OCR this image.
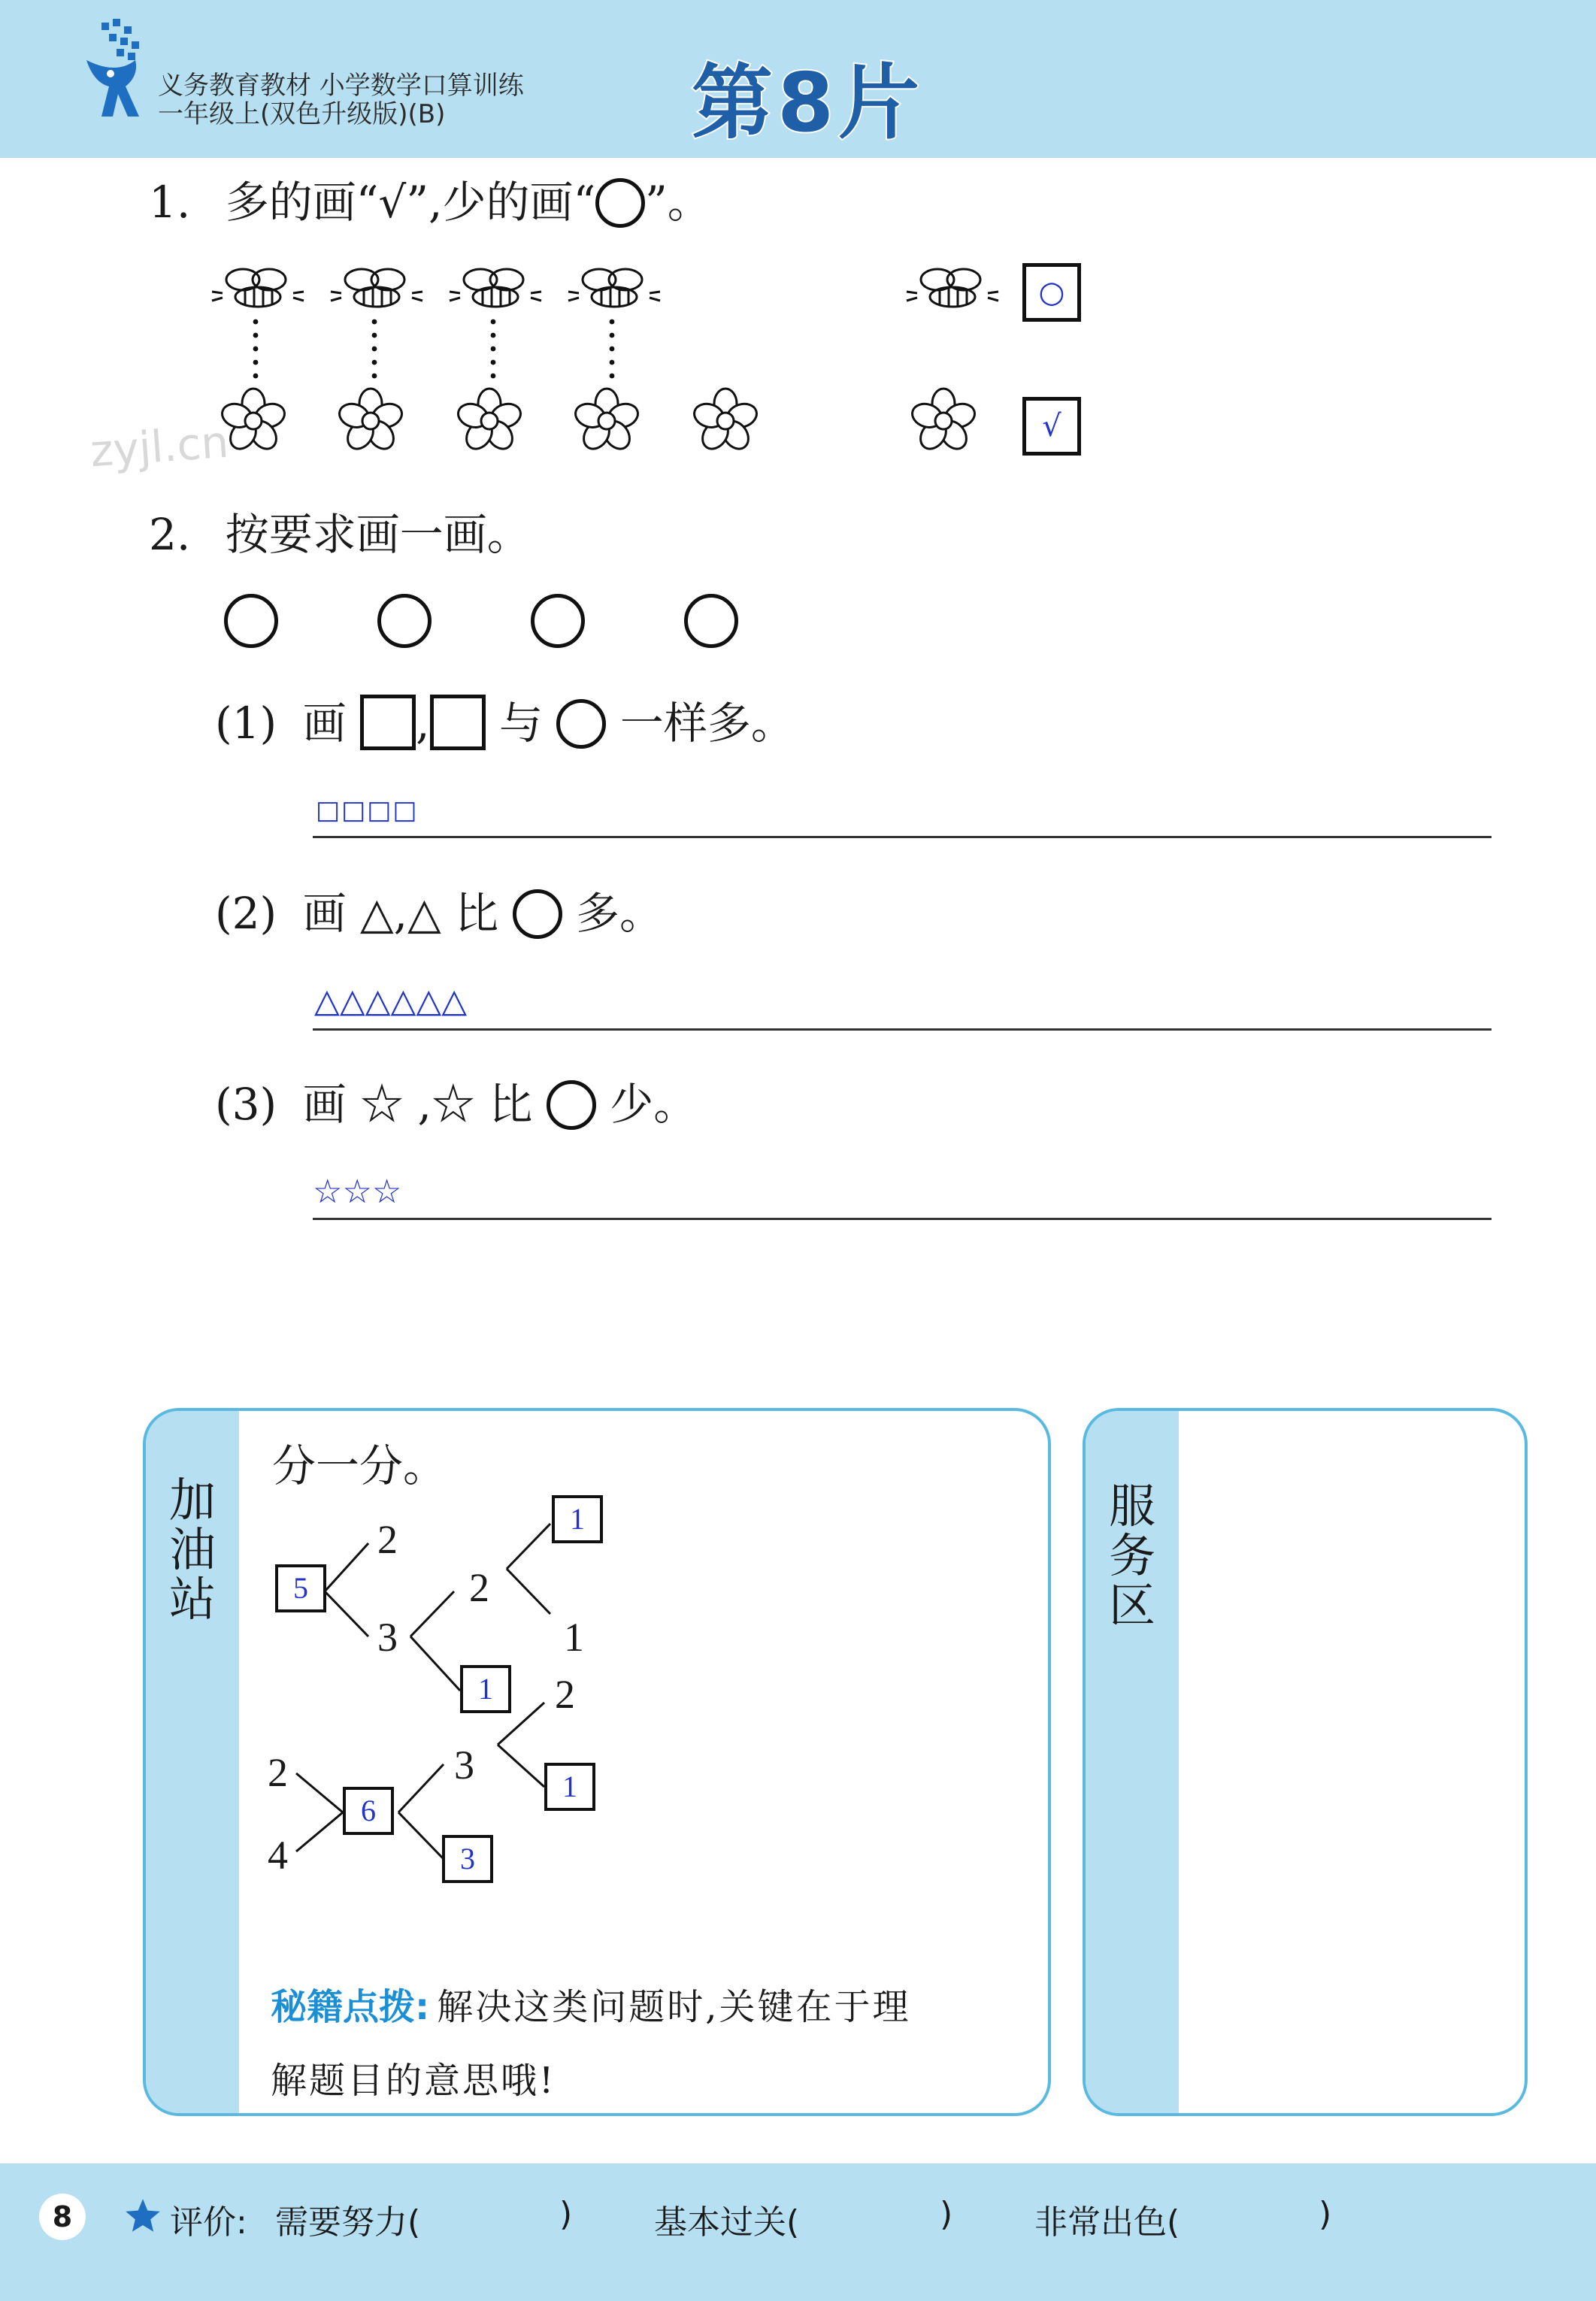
义务教育教材 小学数学口算训练
一年级上(双色升级版)(B)	第8片
1. 多的画“√”,少的画“ ”。
○
√
zyjl.cn
2. 按要求画一画。
(1) 画 , 与 一样多。
□□□□
(2) 画 △,△ 比 多。
△△△△△△
(3) 画 ☆ ,☆ 比 少。
☆☆☆
加油站
分一分。
5
2
3
2
1
1
1
2
4
6
3
3
2
1
秘籍点拨: 解决这类问题时,关键在于理
解题目的意思哦!
服务区
8	评价: 需要努力(	) 基本过关(	) 非常出色(	)
